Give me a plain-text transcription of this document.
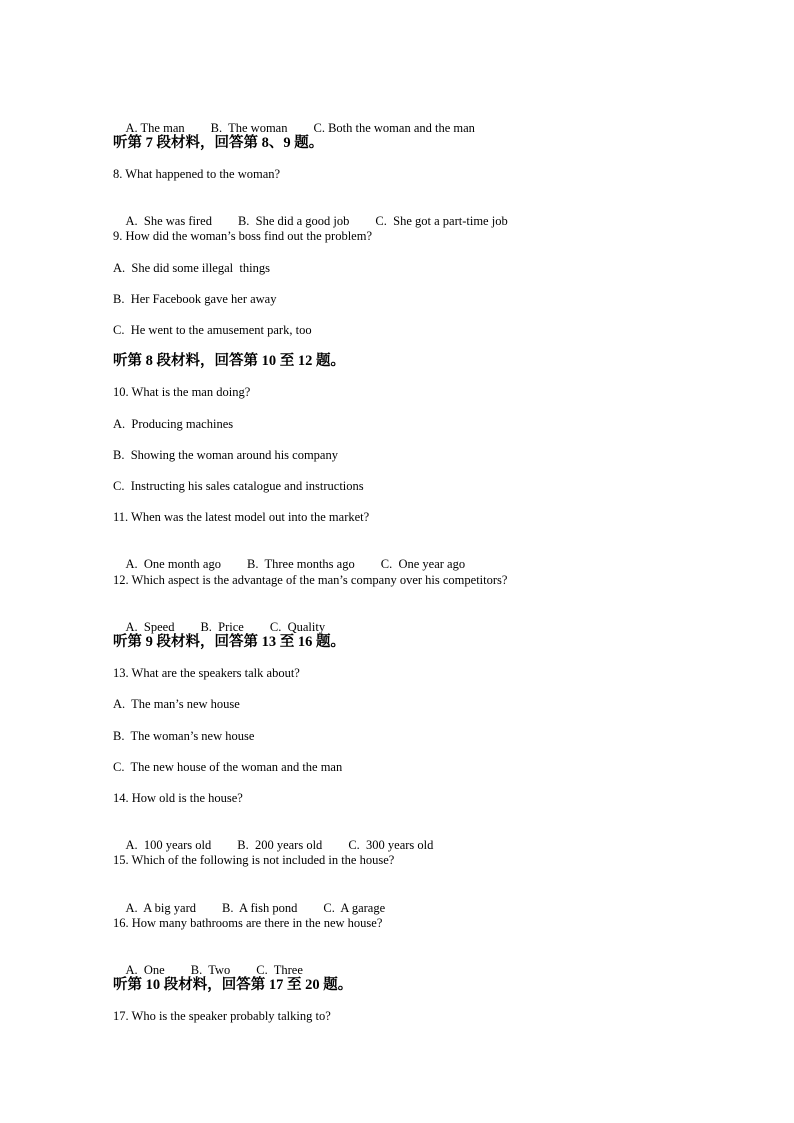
A. The man B.  The woman C. Both the woman and the man

听第 7 段材料，回答第 8、9 题。
8. What happened to the woman?

A.  She was fired B.  She did a good job C.  She got a part-time job

9. How did the woman’s boss find out the problem?
A.  She did some illegal  things
B.  Her Facebook gave her away
C.  He went to the amusement park, too
听第 8 段材料，回答第 10 至 12 题。
10. What is the man doing?
A.  Producing machines
B.  Showing the woman around his company
C.  Instructing his sales catalogue and instructions
11. When was the latest model out into the market?

A.  One month ago B.  Three months ago C.  One year ago

12. Which aspect is the advantage of the man’s company over his competitors?

A.  Speed B.  Price C.  Quality

听第 9 段材料，回答第 13 至 16 题。
13. What are the speakers talk about?
A.  The man’s new house
B.  The woman’s new house
C.  The new house of the woman and the man
14. How old is the house?

A.  100 years old B.  200 years old C.  300 years old

15. Which of the following is not included in the house?

A.  A big yard B.  A fish pond C.  A garage

16. How many bathrooms are there in the new house?

A.  One B.  Two C.  Three

听第 10 段材料，回答第 17 至 20 题。
17. Who is the speaker probably talking to?
